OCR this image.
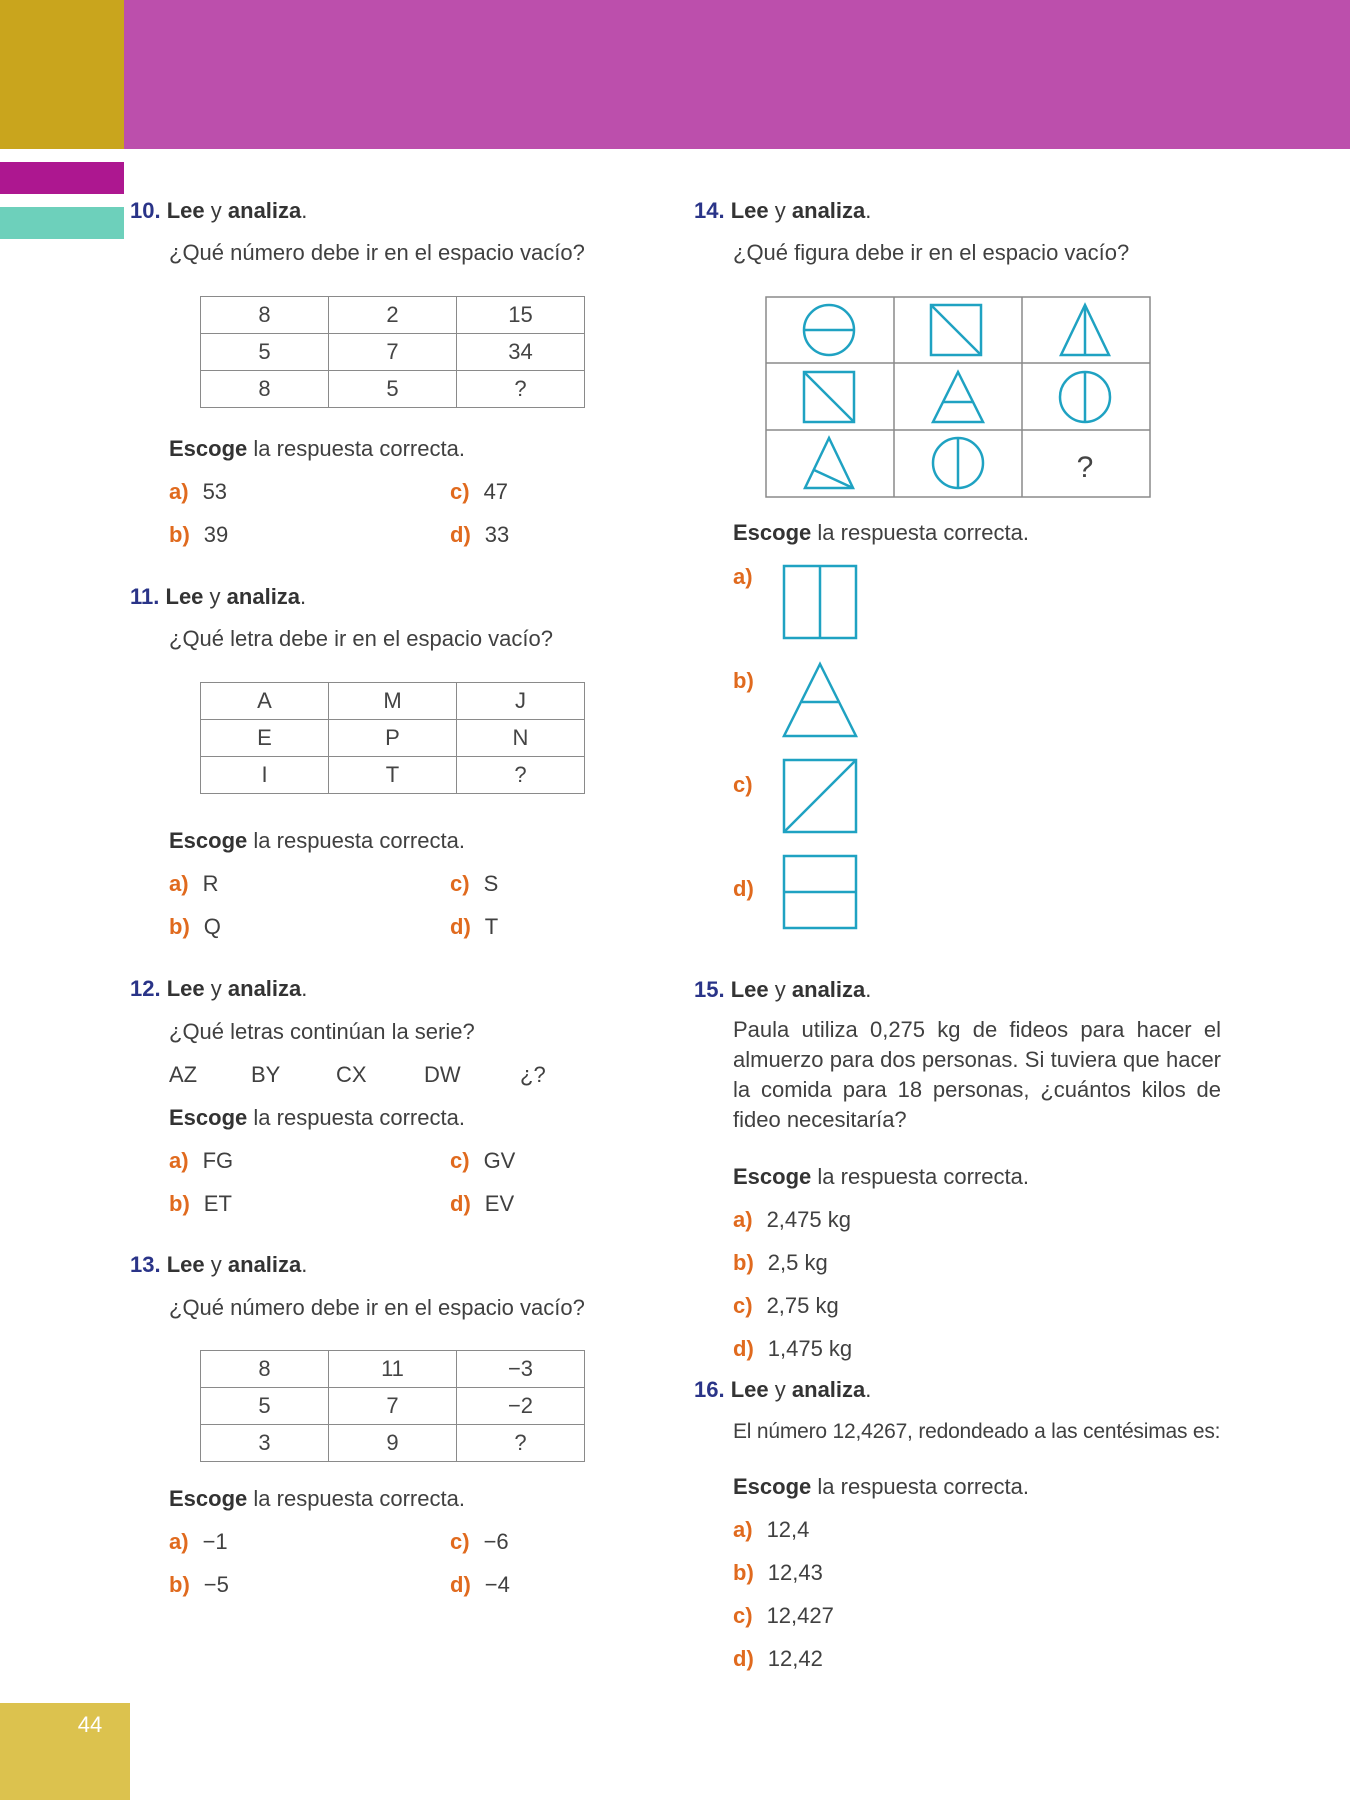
44
10. Lee y analiza.
¿Qué número debe ir en el espacio vacío?
8	2	15
5	7	34
8	5	?
Escoge la respuesta correcta.
a) 53
b) 39
c) 47
d) 33
11. Lee y analiza.
¿Qué letra debe ir en el espacio vacío?
A	M	J
E	P	N
I	T	?
Escoge la respuesta correcta.
a) R
b) Q
c) S
d) T
12. Lee y analiza.
¿Qué letras continúan la serie?
AZ BY	CX	DW	¿?
Escoge la respuesta correcta.
a) FG
b) ET
c) GV
d) EV
13. Lee y analiza.
¿Qué número debe ir en el espacio vacío?
8	11	−3
5	7	−2
3	9	?
Escoge la respuesta correcta.
a) −1
b) −5
c) −6
d) −4
14. Lee y analiza.
¿Qué figura debe ir en el espacio vacío?
?
Escoge la respuesta correcta.
a)
b)
c)
d)
15. Lee y analiza.
Paula utiliza 0,275 kg de fideos para hacer el almuerzo para dos personas. Si tuviera que hacer la comida para 18 personas, ¿cuántos kilos de fideo necesitaría?
Escoge la respuesta correcta.
a) 2,475 kg
b) 2,5 kg
c) 2,75 kg
d) 1,475 kg
16. Lee y analiza.
El número 12,4267, redondeado a las centésimas es:
Escoge la respuesta correcta.
a) 12,4
b) 12,43
c) 12,427
d) 12,42
